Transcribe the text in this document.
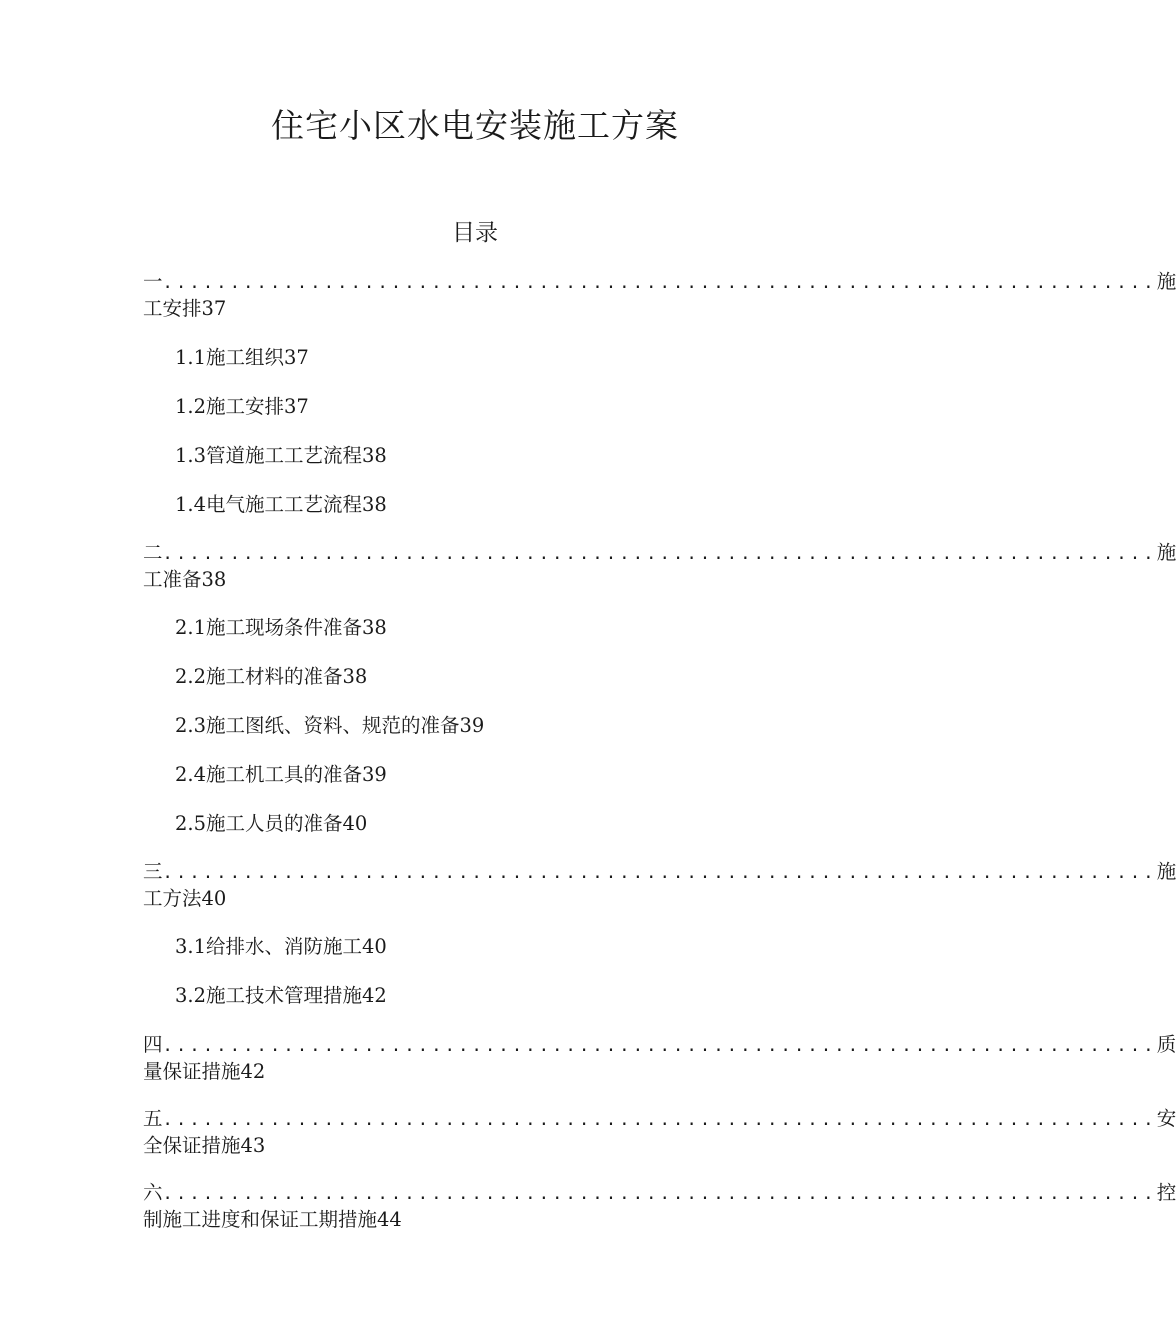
住宅小区水电安装施工方案
目录
一 .......................................................................... 施
工安排37
1.1施工组织37
1.2施工安排37
1.3管道施工工艺流程38
1.4电气施工工艺流程38
二 .......................................................................... 施
工准备38
2.1施工现场条件准备38
2.2施工材料的准备38
2.3施工图纸、资料、规范的准备39
2.4施工机工具的准备39
2.5施工人员的准备40
三 .......................................................................... 施
工方法40
3.1给排水、消防施工40
3.2施工技术管理措施42
四 .......................................................................... 质
量保证措施42
五 .......................................................................... 安
全保证措施43
六 .......................................................................... 控
制施工进度和保证工期措施44
